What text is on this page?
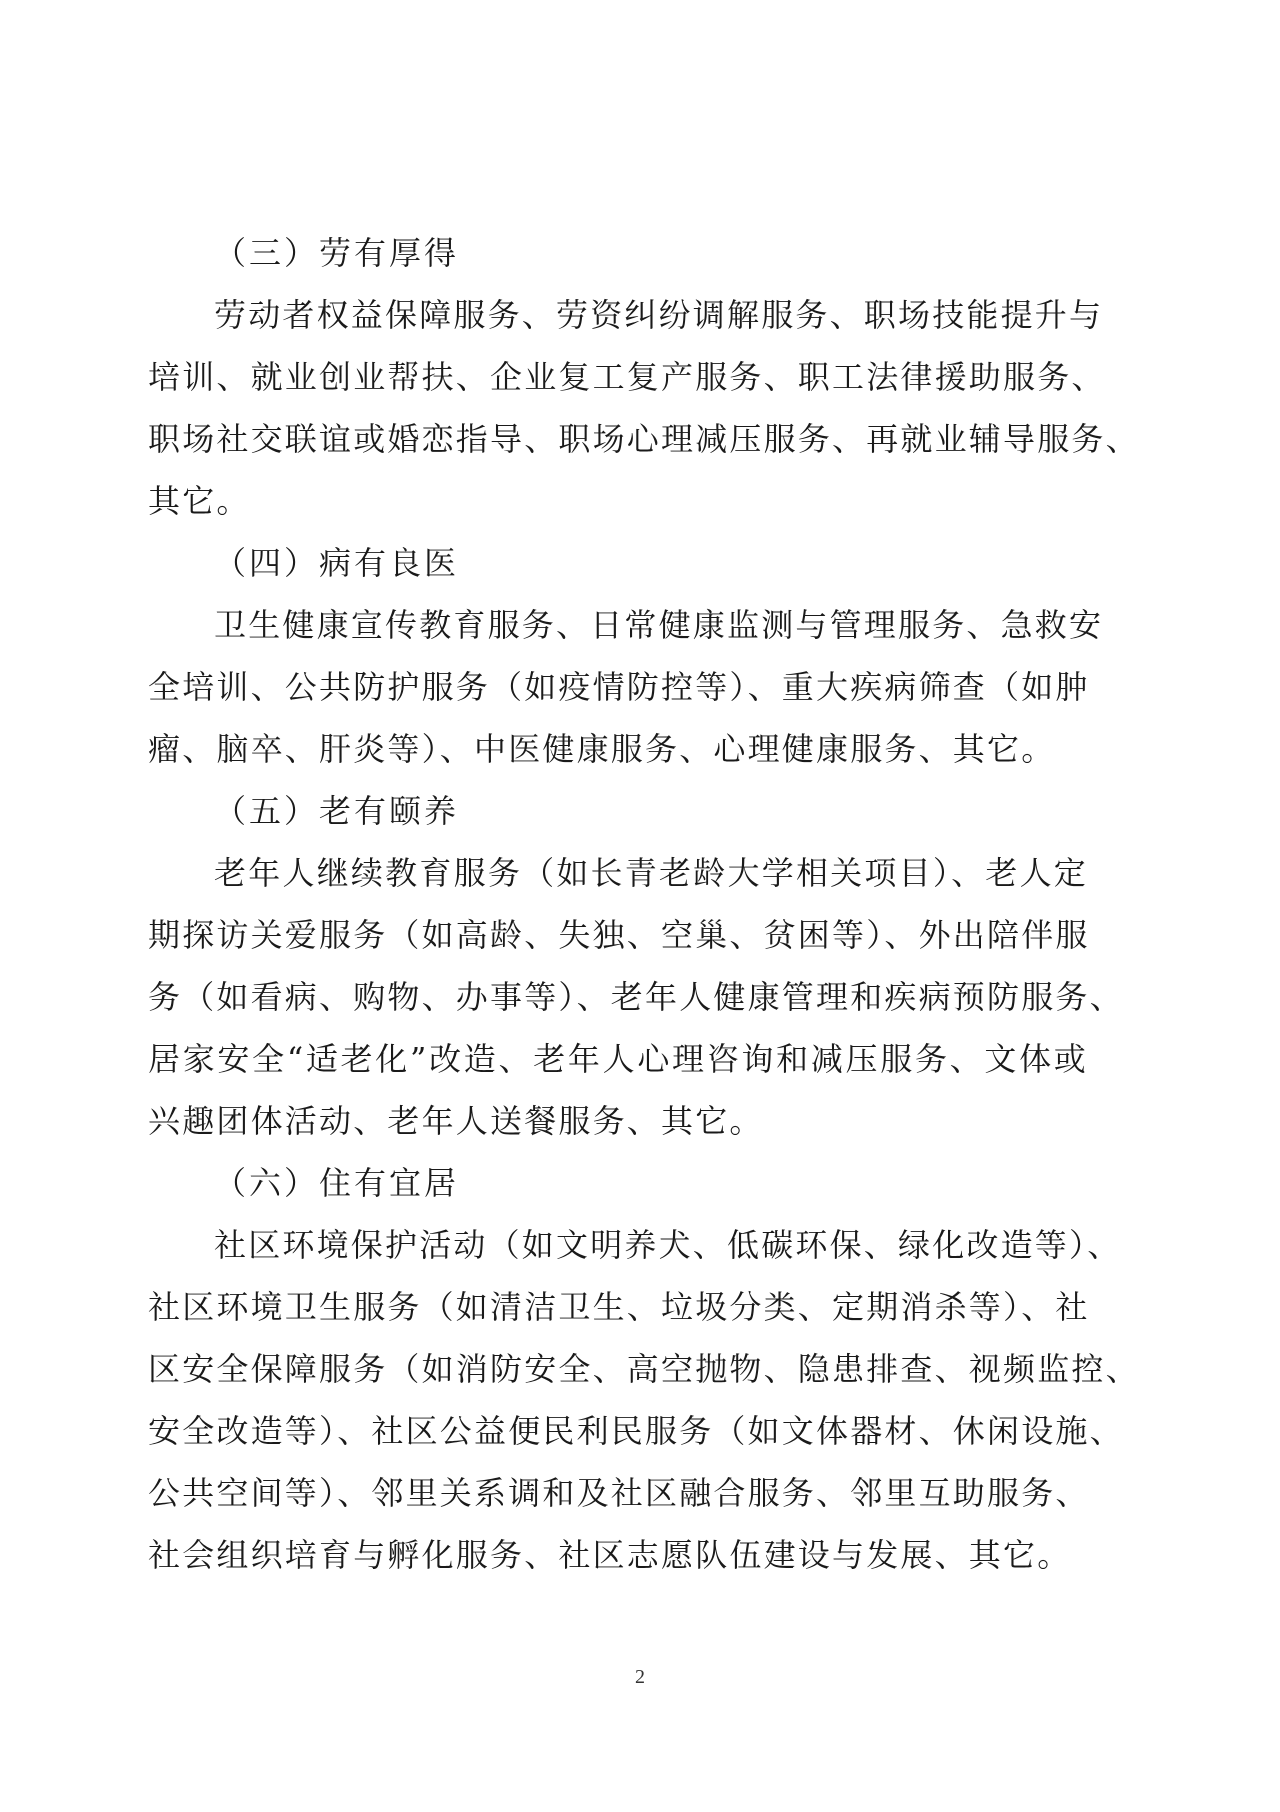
（三）劳有厚得
劳动者权益保障服务、劳资纠纷调解服务、职场技能提升与
培训、就业创业帮扶、企业复工复产服务、职工法律援助服务、
职场社交联谊或婚恋指导、职场心理减压服务、再就业辅导服务、
其它。
（四）病有良医
卫生健康宣传教育服务、日常健康监测与管理服务、急救安
全培训、公共防护服务（如疫情防控等）、重大疾病筛查（如肿
瘤、脑卒、肝炎等）、中医健康服务、心理健康服务、其它。
（五）老有颐养
老年人继续教育服务（如长青老龄大学相关项目）、老人定
期探访关爱服务（如高龄、失独、空巢、贫困等）、外出陪伴服
务（如看病、购物、办事等）、老年人健康管理和疾病预防服务、
居家安全“适老化”改造、老年人心理咨询和减压服务、文体或
兴趣团体活动、老年人送餐服务、其它。
（六）住有宜居
社区环境保护活动（如文明养犬、低碳环保、绿化改造等）、
社区环境卫生服务（如清洁卫生、垃圾分类、定期消杀等）、社
区安全保障服务（如消防安全、高空抛物、隐患排查、视频监控、
安全改造等）、社区公益便民利民服务（如文体器材、休闲设施、
公共空间等）、邻里关系调和及社区融合服务、邻里互助服务、
社会组织培育与孵化服务、社区志愿队伍建设与发展、其它。
2
